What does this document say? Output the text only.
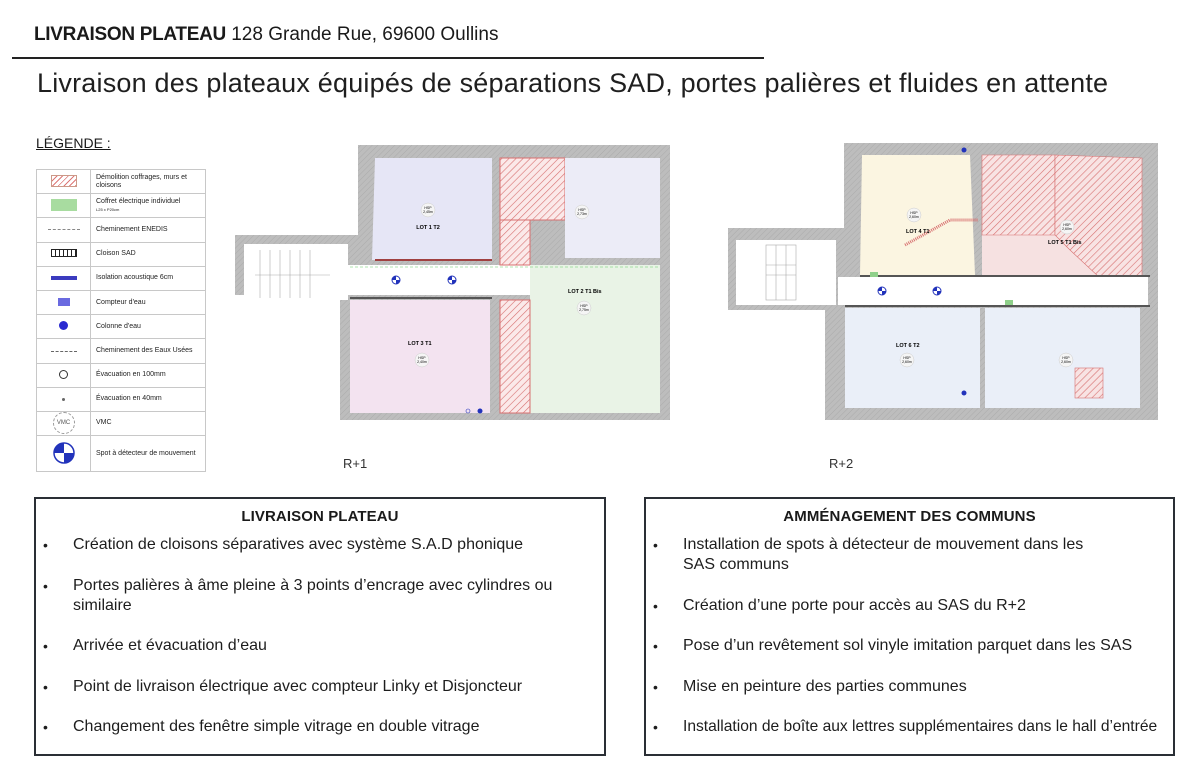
LIVRAISON PLATEAU 128 Grande Rue, 69600 Oullins
Livraison des plateaux équipés de séparations SAD, portes palières et fluides en attente
LÉGENDE :
	Démolition coffrages, murs et cloisons
	Coffret électrique individuel
L25 x P20cm

	Cheminement ENEDIS
	Cloison SAD
	Isolation acoustique 6cm
	Compteur d'eau
	Colonne d'eau
	Cheminement des Eaux Usées
	Évacuation en 100mm
	Évacuation en 40mm
VMC	VMC
	Spot à détecteur de mouvement
HSP
2,45m	HSP
2,73m
HSP
2,75m
HSP
2,40m
LOT 1 T2
LOT 2 T1 Bis
LOT 3 T1
R+1
HSP
2,60m
HSP
2,60m
HSP
2,60m
HSP
2,60m
LOT 4 T1
LOT 5 T1 Bis
LOT 6 T2
R+2
LIVRAISON PLATEAU
• Création de cloisons séparatives avec système S.A.D phonique
• Portes palières à âme pleine à 3 points d’encrage avec cylindres ou similaire
• Arrivée et évacuation d’eau
• Point de livraison électrique avec compteur Linky et Disjoncteur
• Changement des fenêtre simple vitrage en double vitrage
AMMÉNAGEMENT DES COMMUNS
• Installation de spots à détecteur de mouvement dans les SAS communs
• Création d’une porte pour accès au SAS du R+2
• Pose d’un revêtement sol vinyle imitation parquet dans les SAS
• Mise en peinture des parties communes
• Installation de boîte aux lettres supplémentaires dans le hall d’entrée
